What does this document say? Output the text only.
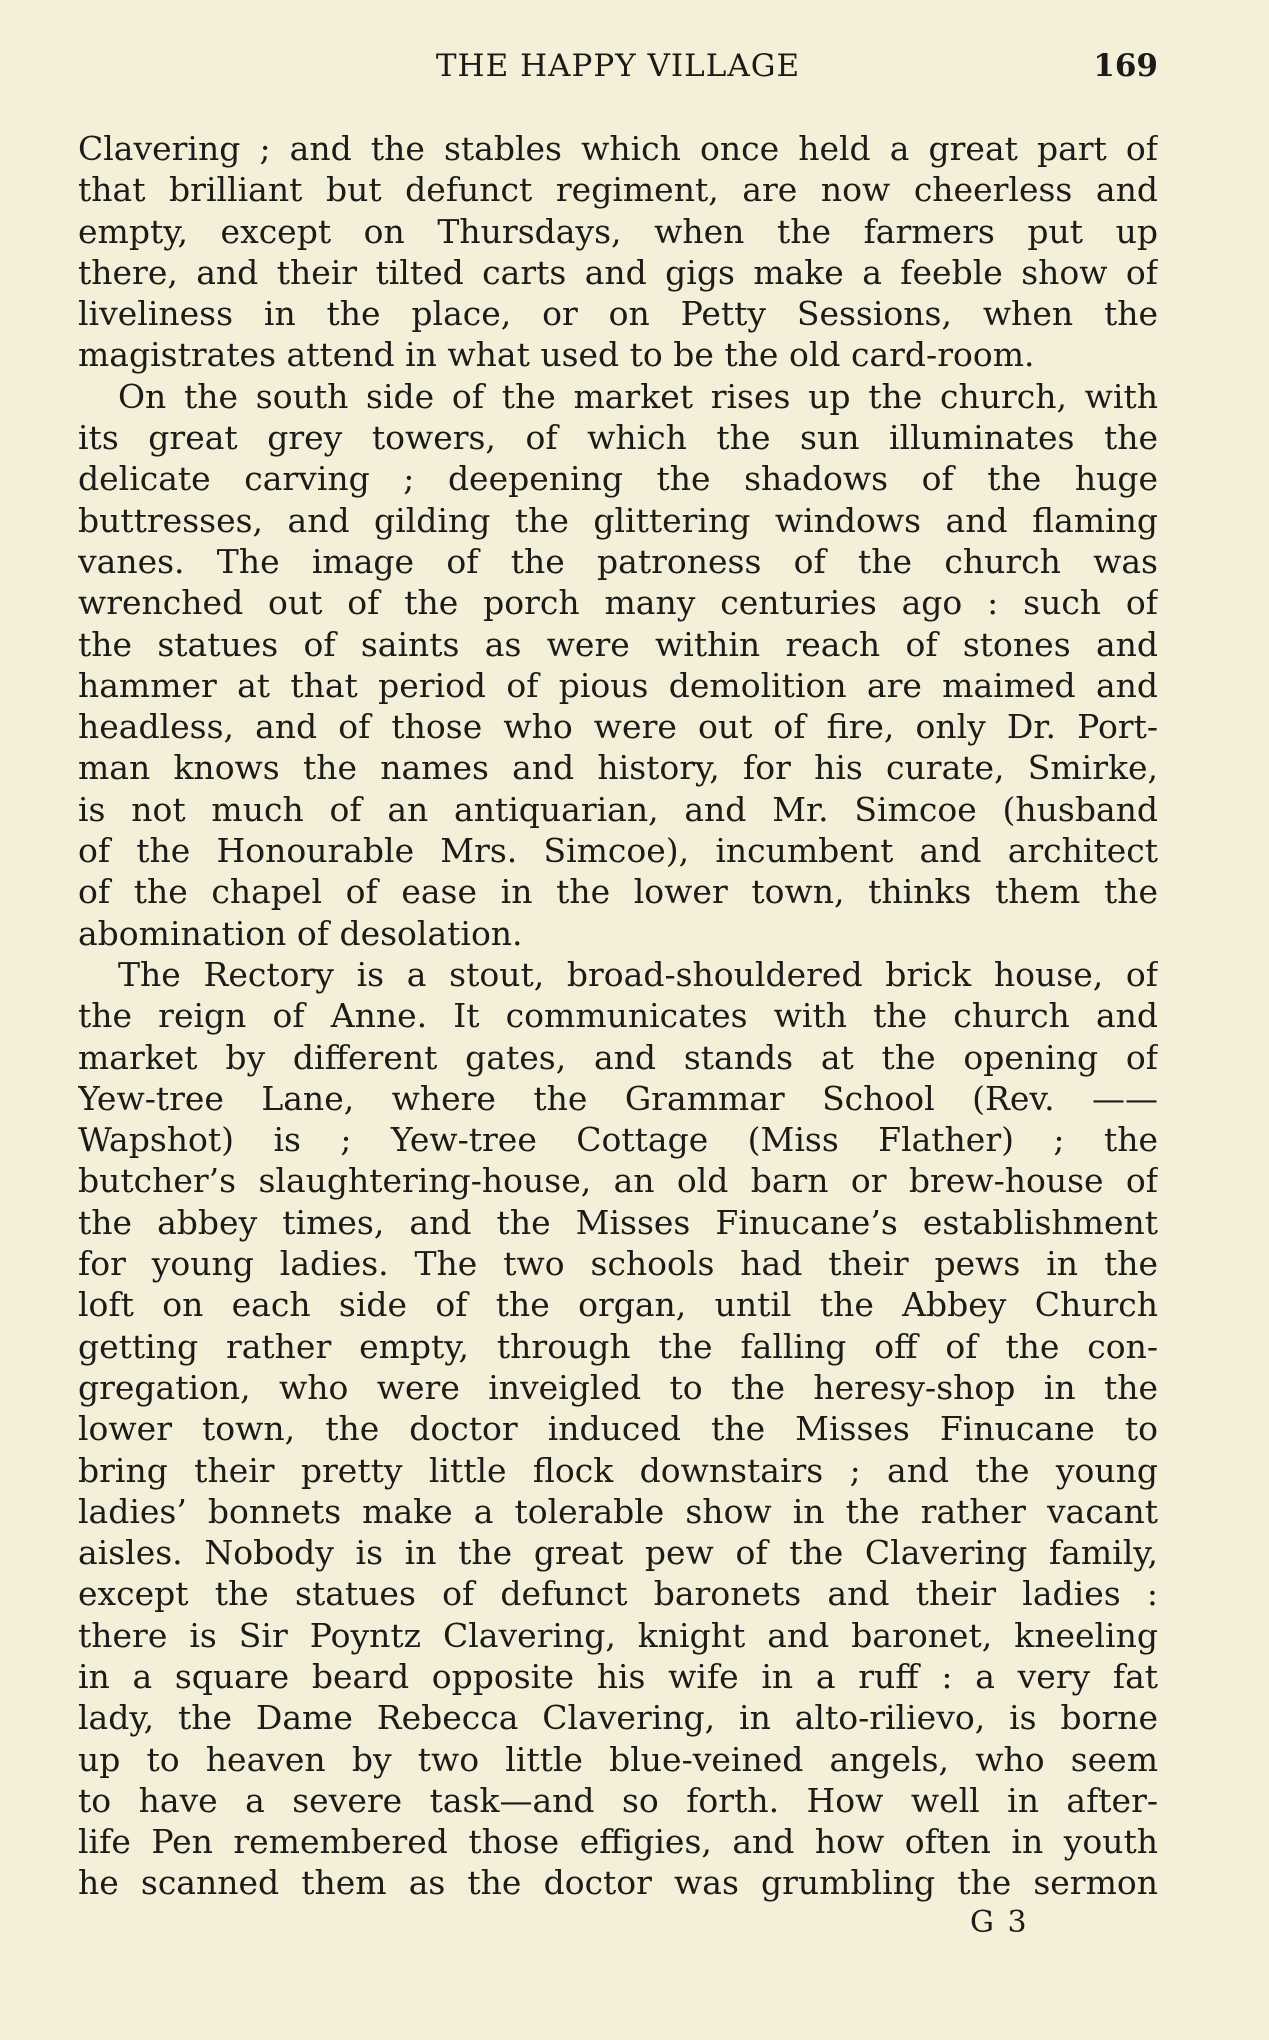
THE HAPPY VILLAGE	169
Clavering ; and the stables which once held a great part of
that brilliant but defunct regiment, are now cheerless and
empty, except on Thursdays, when the farmers put up
there, and their tilted carts and gigs make a feeble show of
liveliness in the place, or on Petty Sessions, when the
magistrates attend in what used to be the old card-room.
On the south side of the market rises up the church, with
its great grey towers, of which the sun illuminates the
delicate carving ; deepening the shadows of the huge
buttresses, and gilding the glittering windows and flaming
vanes. The image of the patroness of the church was
wrenched out of the porch many centuries ago : such of
the statues of saints as were within reach of stones and
hammer at that period of pious demolition are maimed and
headless, and of those who were out of fire, only Dr. Port-
man knows the names and history, for his curate, Smirke,
is not much of an antiquarian, and Mr. Simcoe (husband
of the Honourable Mrs. Simcoe), incumbent and architect
of the chapel of ease in the lower town, thinks them the
abomination of desolation.
The Rectory is a stout, broad-shouldered brick house, of
the reign of Anne. It communicates with the church and
market by different gates, and stands at the opening of
Yew-tree Lane, where the Grammar School (Rev. ——
Wapshot) is ; Yew-tree Cottage (Miss Flather) ; the
butcher’s slaughtering-house, an old barn or brew-house of
the abbey times, and the Misses Finucane’s establishment
for young ladies. The two schools had their pews in the
loft on each side of the organ, until the Abbey Church
getting rather empty, through the falling off of the con-
gregation, who were inveigled to the heresy-shop in the
lower town, the doctor induced the Misses Finucane to
bring their pretty little flock downstairs ; and the young
ladies’ bonnets make a tolerable show in the rather vacant
aisles. Nobody is in the great pew of the Clavering family,
except the statues of defunct baronets and their ladies :
there is Sir Poyntz Clavering, knight and baronet, kneeling
in a square beard opposite his wife in a ruff : a very fat
lady, the Dame Rebecca Clavering, in alto-rilievo, is borne
up to heaven by two little blue-veined angels, who seem
to have a severe task—and so forth. How well in after-
life Pen remembered those effigies, and how often in youth
he scanned them as the doctor was grumbling the sermon
G 3
